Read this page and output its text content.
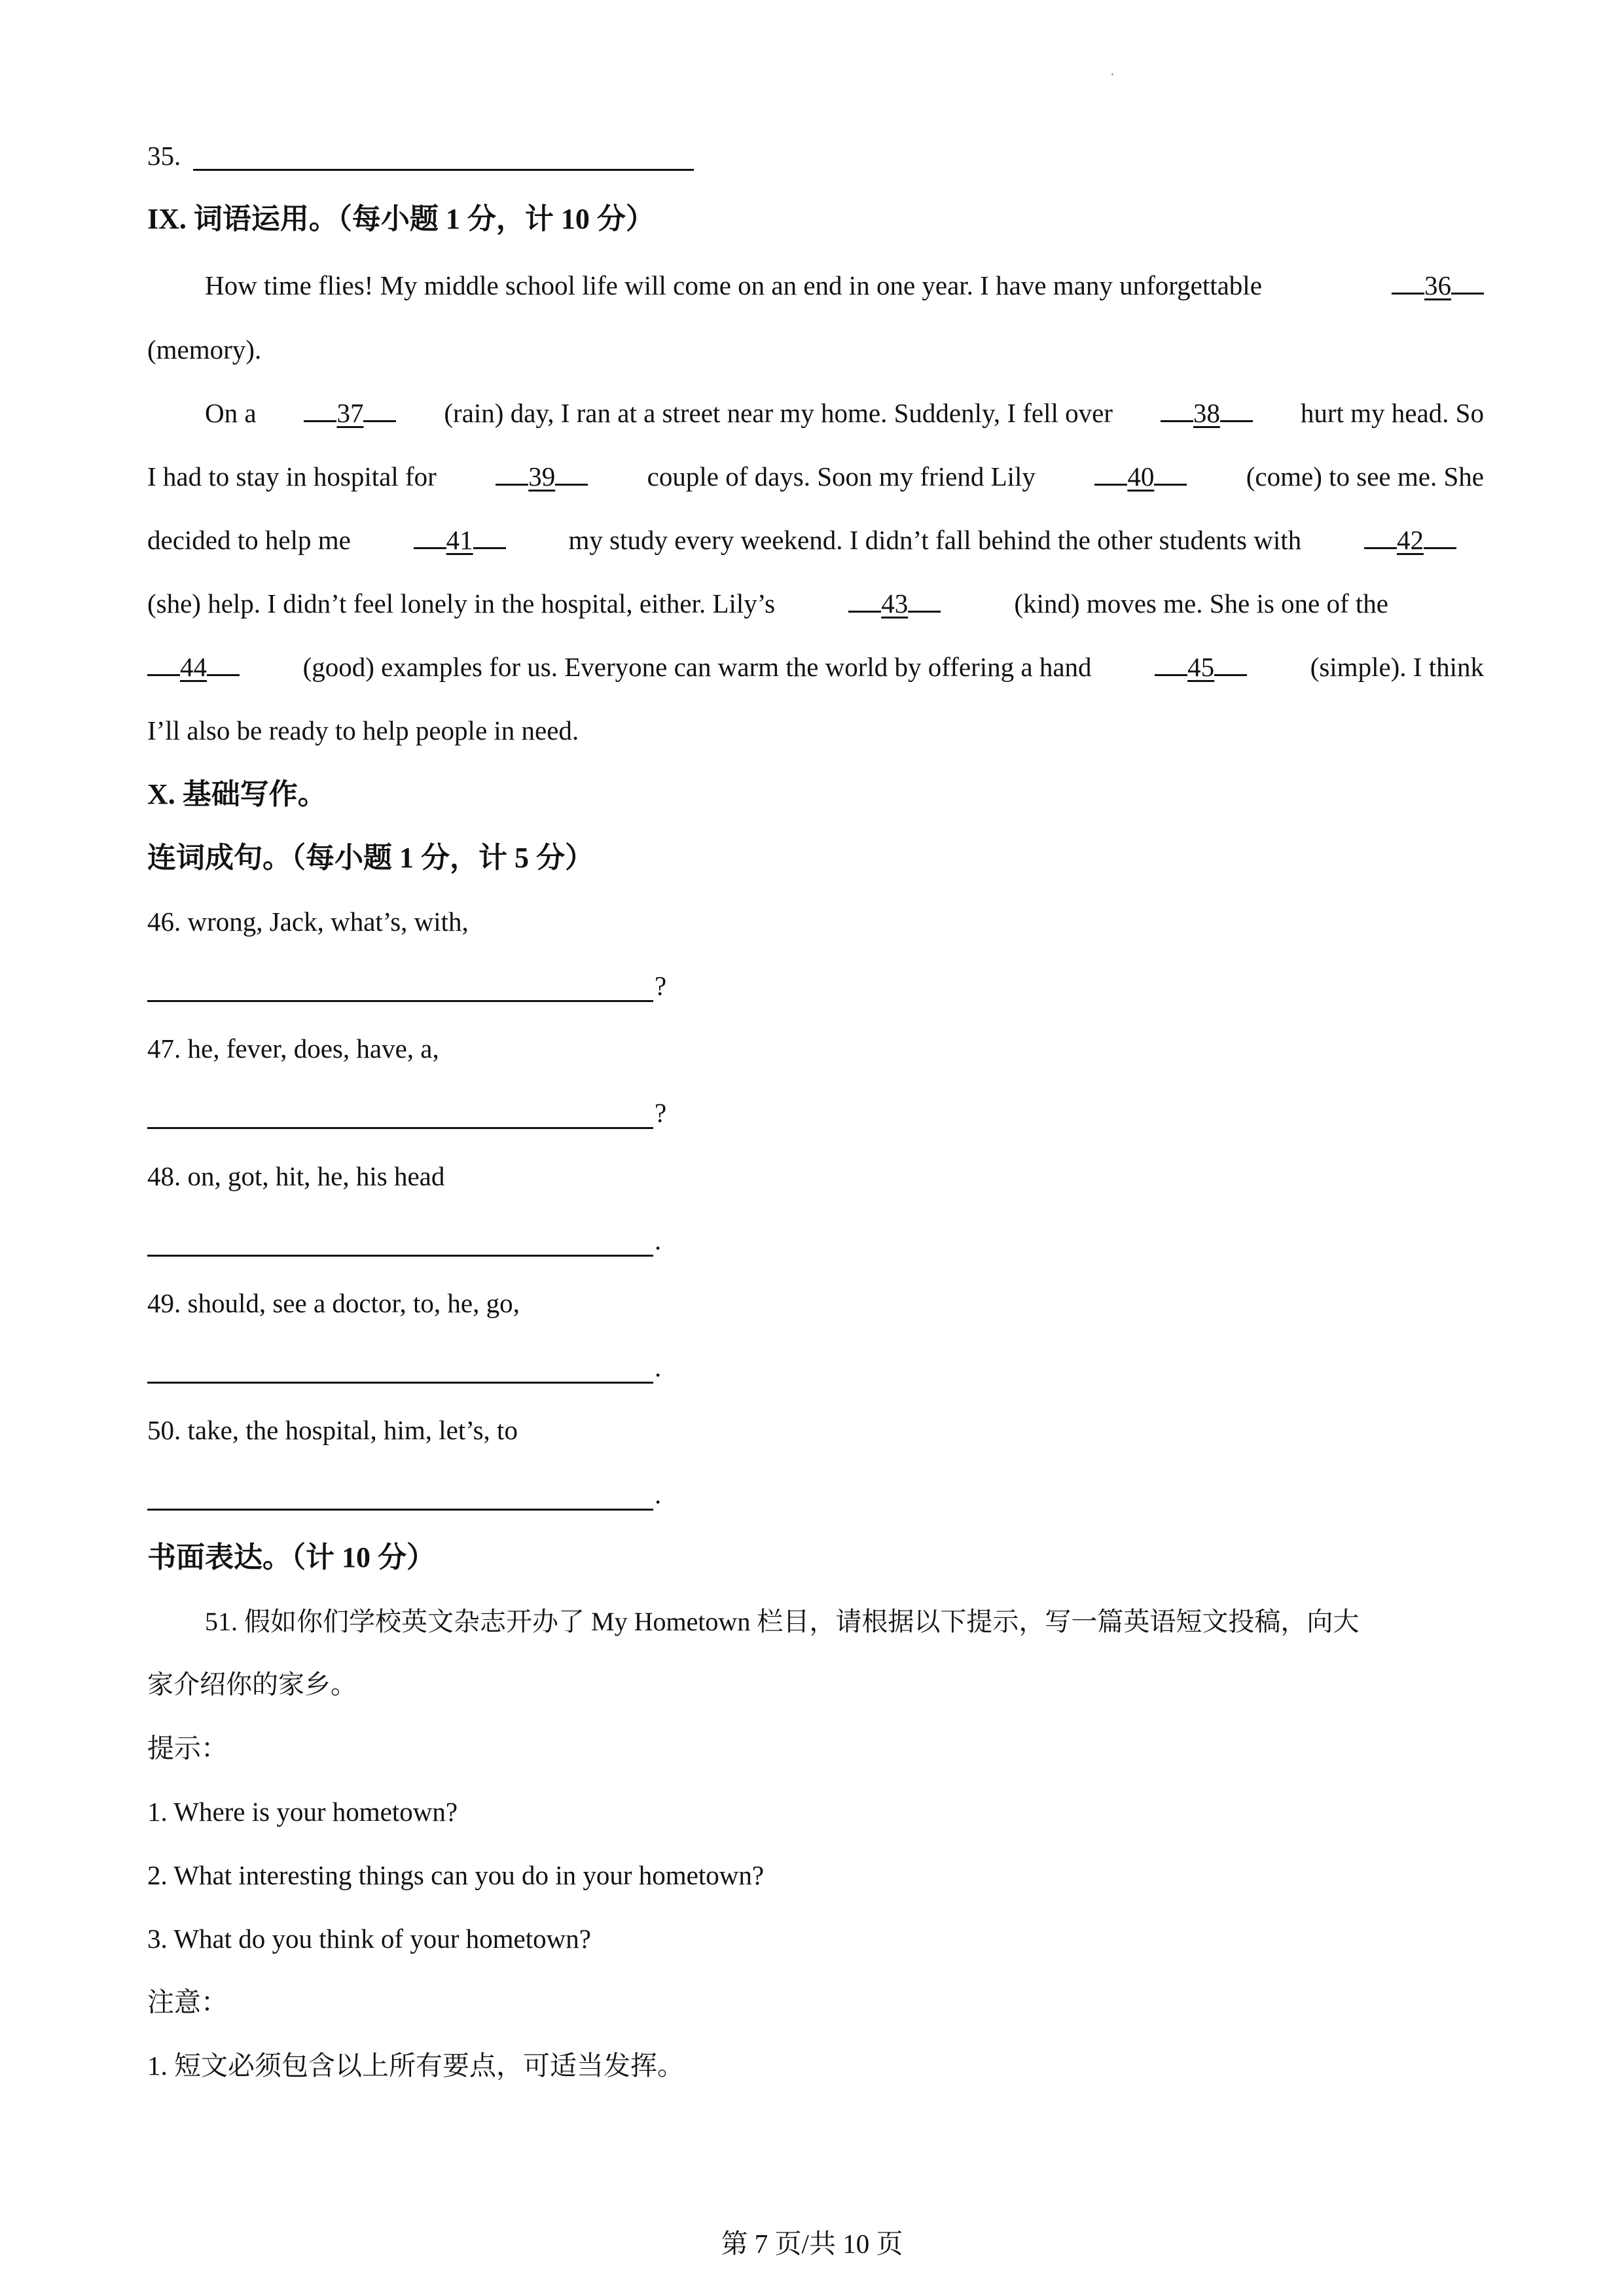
35.
IX. 词语运用。（每小题 1 分，计 10 分）
How time flies! My middle school life will come on an end in one year. I have many unforgettable	36
(memory).
On a	37	(rain) day, I ran at a street near my home. Suddenly, I fell over	38	hurt my head. So
I had to stay in hospital for	39	couple of days. Soon my friend Lily	40	(come) to see me. She
decided to help me	41	my study every weekend. I didn’t fall behind the other students with	42
(she) help. I didn’t feel lonely in the hospital, either. Lily’s	43	(kind) moves me. She is one of the
44	(good) examples for us. Everyone can warm the world by offering a hand	45	(simple). I think
I’ll also be ready to help people in need.
X. 基础写作。
连词成句。（每小题 1 分，计 5 分）
46. wrong, Jack, what’s, with,
?
47. he, fever, does, have, a,
?
48. on, got, hit, he, his head
.
49. should, see a doctor, to, he, go,
.
50. take, the hospital, him, let’s, to
.
书面表达。（计 10 分）
51. 假如你们学校英文杂志开办了 My Hometown 栏目，请根据以下提示，写一篇英语短文投稿，向大
家介绍你的家乡。
提示：
1. Where is your hometown?
2. What interesting things can you do in your hometown?
3. What do you think of your hometown?
注意：
1. 短文必须包含以上所有要点，可适当发挥。
第 7 页/共 10 页
